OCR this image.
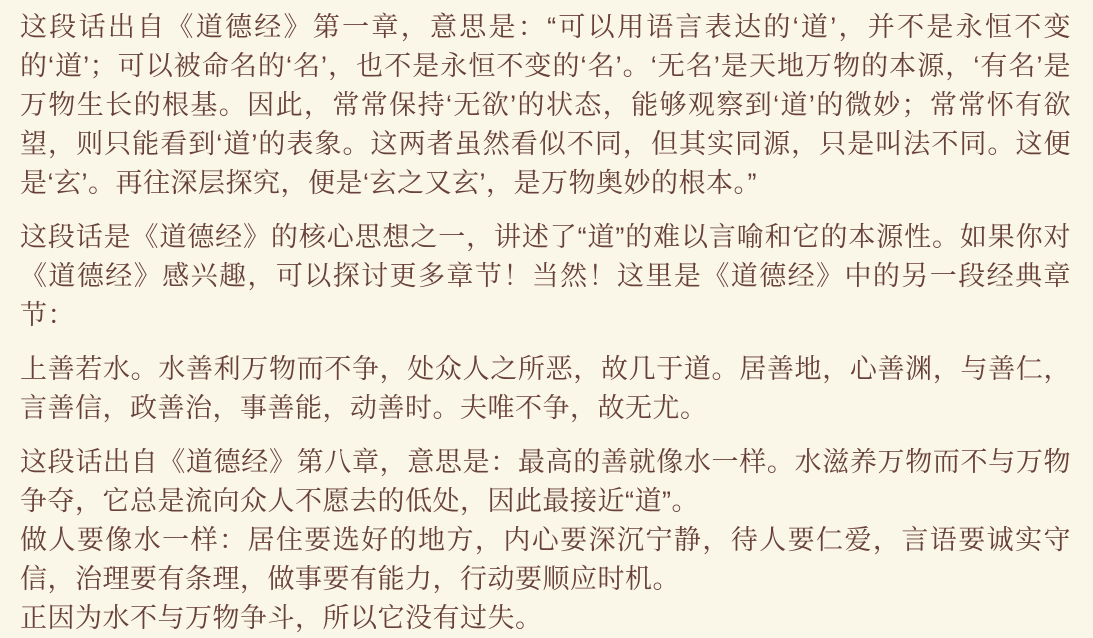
这段话出自《道德经》第一章，意思是：“可以用语言表达的‘道’，并不是永恒不变的‘道’；可以被命名的‘名’，也不是永恒不变的‘名’。‘无名’是天地万物的本源，‘有名’是万物生长的根基。因此，常常保持‘无欲’的状态，能够观察到‘道’的微妙；常常怀有欲望，则只能看到‘道’的表象。这两者虽然看似不同，但其实同源，只是叫法不同。这便是‘玄’。再往深层探究，便是‘玄之又玄’，是万物奥妙的根本。”

这段话是《道德经》的核心思想之一，讲述了“道”的难以言喻和它的本源性。如果你对《道德经》感兴趣，可以探讨更多章节！当然！这里是《道德经》中的另一段经典章节：

上善若水。水善利万物而不争，处众人之所恶，故几于道。居善地，心善渊，与善仁，言善信，政善治，事善能，动善时。夫唯不争，故无尤。

这段话出自《道德经》第八章，意思是：最高的善就像水一样。水滋养万物而不与万物争夺，它总是流向众人不愿去的低处，因此最接近“道”。

做人要像水一样：居住要选好的地方，内心要深沉宁静，待人要仁爱，言语要诚实守信，治理要有条理，做事要有能力，行动要顺应时机。

正因为水不与万物争斗，所以它没有过失。
